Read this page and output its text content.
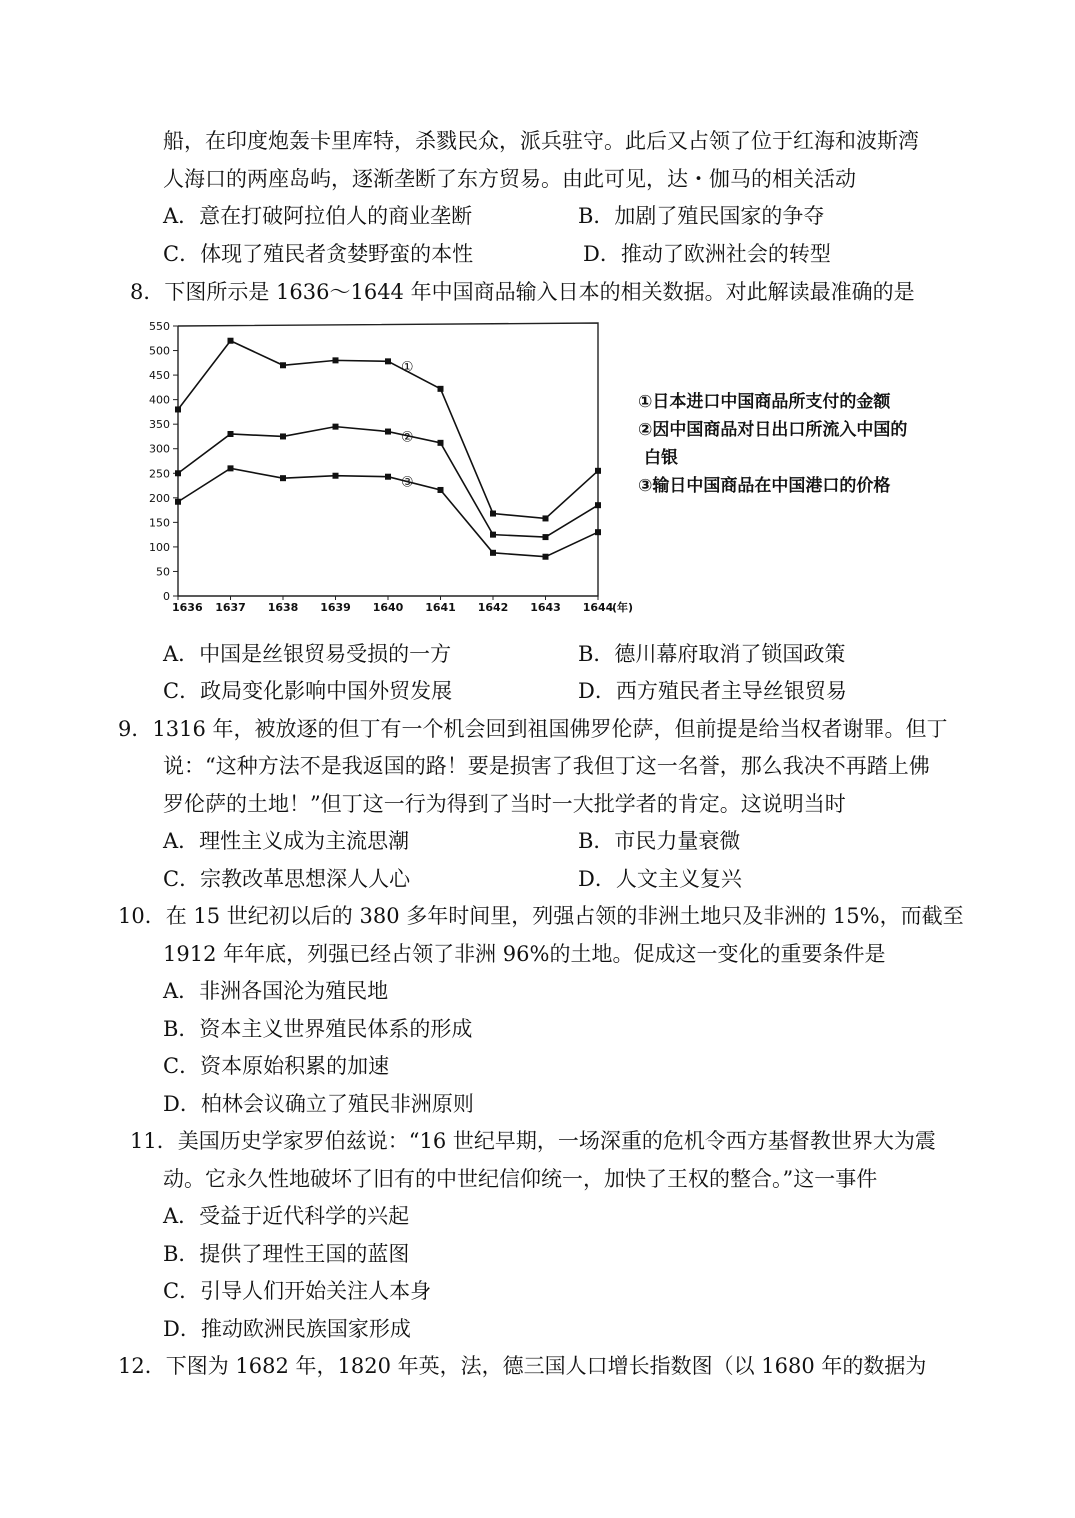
船，在印度炮轰卡里库特，杀戮民众，派兵驻守。此后又占领了位于红海和波斯湾
人海口的两座岛屿，逐渐垄断了东方贸易。由此可见，达・伽马的相关活动
A．意在打破阿拉伯人的商业垄断	B．加剧了殖民国家的争夺
C．体现了殖民者贪婪野蛮的本性	D．推动了欧洲社会的转型
8．下图所示是 1636～1644 年中国商品输入日本的相关数据。对此解读最准确的是
0
50
100
150
200
250
300
350
400
450
500
550
1636 1637 1638 1639 1640 1641 1642 1643 1644
(年)
①
②
③
①日本进口中国商品所支付的金额
②因中国商品对日出口所流入中国的
白银
③输日中国商品在中国港口的价格
A．中国是丝银贸易受损的一方	B．德川幕府取消了锁国政策
C．政局变化影响中国外贸发展	D．西方殖民者主导丝银贸易
9．1316 年，被放逐的但丁有一个机会回到祖国佛罗伦萨，但前提是给当权者谢罪。但丁
说：“这种方法不是我返国的路！要是损害了我但丁这一名誉，那么我决不再踏上佛
罗伦萨的土地！”但丁这一行为得到了当时一大批学者的肯定。这说明当时
A．理性主义成为主流思潮	B．市民力量衰微
C．宗教改革思想深人人心	D．人文主义复兴
10．在 15 世纪初以后的 380 多年时间里，列强占领的非洲土地只及非洲的 15%，而截至
1912 年年底，列强已经占领了非洲 96%的土地。促成这一变化的重要条件是
A．非洲各国沦为殖民地
B．资本主义世界殖民体系的形成
C．资本原始积累的加速
D．柏林会议确立了殖民非洲原则
11．美国历史学家罗伯兹说：“16 世纪早期，一场深重的危机令西方基督教世界大为震
动。它永久性地破坏了旧有的中世纪信仰统一，加快了王权的整合。”这一事件
A．受益于近代科学的兴起
B．提供了理性王国的蓝图
C．引导人们开始关注人本身
D．推动欧洲民族国家形成
12．下图为 1682 年，1820 年英，法，德三国人口增长指数图（以 1680 年的数据为
